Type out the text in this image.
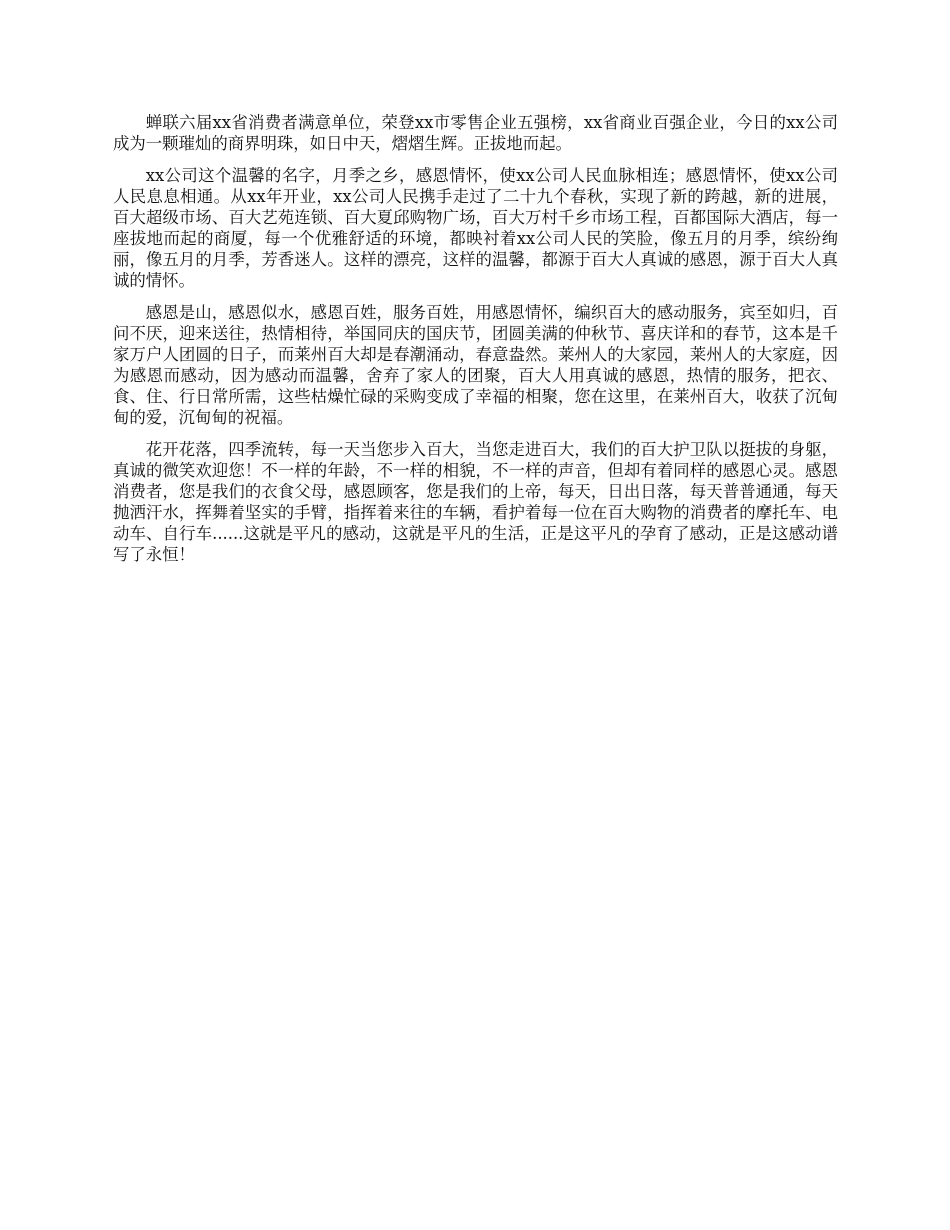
蝉联六届xx省消费者满意单位，荣登xx市零售企业五强榜，xx省商业百强企业，今日的xx公司成为一颗璀灿的商界明珠，如日中天，熠熠生辉。正拔地而起。

xx公司这个温馨的名字，月季之乡，感恩情怀，使xx公司人民血脉相连；感恩情怀，使xx公司人民息息相通。从xx年开业，xx公司人民携手走过了二十九个春秋，实现了新的跨越，新的进展，百大超级市场、百大艺苑连锁、百大夏邱购物广场，百大万村千乡市场工程，百都国际大酒店，每一座拔地而起的商厦，每一个优雅舒适的环境，都映衬着xx公司人民的笑脸，像五月的月季，缤纷绚丽，像五月的月季，芳香迷人。这样的漂亮，这样的温馨，都源于百大人真诚的感恩，源于百大人真诚的情怀。

感恩是山，感恩似水，感恩百姓，服务百姓，用感恩情怀，编织百大的感动服务，宾至如归，百问不厌，迎来送往，热情相待，举国同庆的国庆节，团圆美满的仲秋节、喜庆详和的春节，这本是千家万户人团圆的日子，而莱州百大却是春潮涌动，春意盎然。莱州人的大家园，莱州人的大家庭，因为感恩而感动，因为感动而温馨，舍弃了家人的团聚，百大人用真诚的感恩，热情的服务，把衣、食、住、行日常所需，这些枯燥忙碌的采购变成了幸福的相聚，您在这里，在莱州百大，收获了沉甸甸的爱，沉甸甸的祝福。

花开花落，四季流转，每一天当您步入百大，当您走进百大，我们的百大护卫队以挺拔的身躯，真诚的微笑欢迎您！不一样的年龄，不一样的相貌，不一样的声音，但却有着同样的感恩心灵。感恩消费者，您是我们的衣食父母，感恩顾客，您是我们的上帝，每天，日出日落，每天普普通通，每天抛洒汗水，挥舞着坚实的手臂，指挥着来往的车辆，看护着每一位在百大购物的消费者的摩托车、电动车、自行车......这就是平凡的感动，这就是平凡的生活，正是这平凡的孕育了感动，正是这感动谱写了永恒！
